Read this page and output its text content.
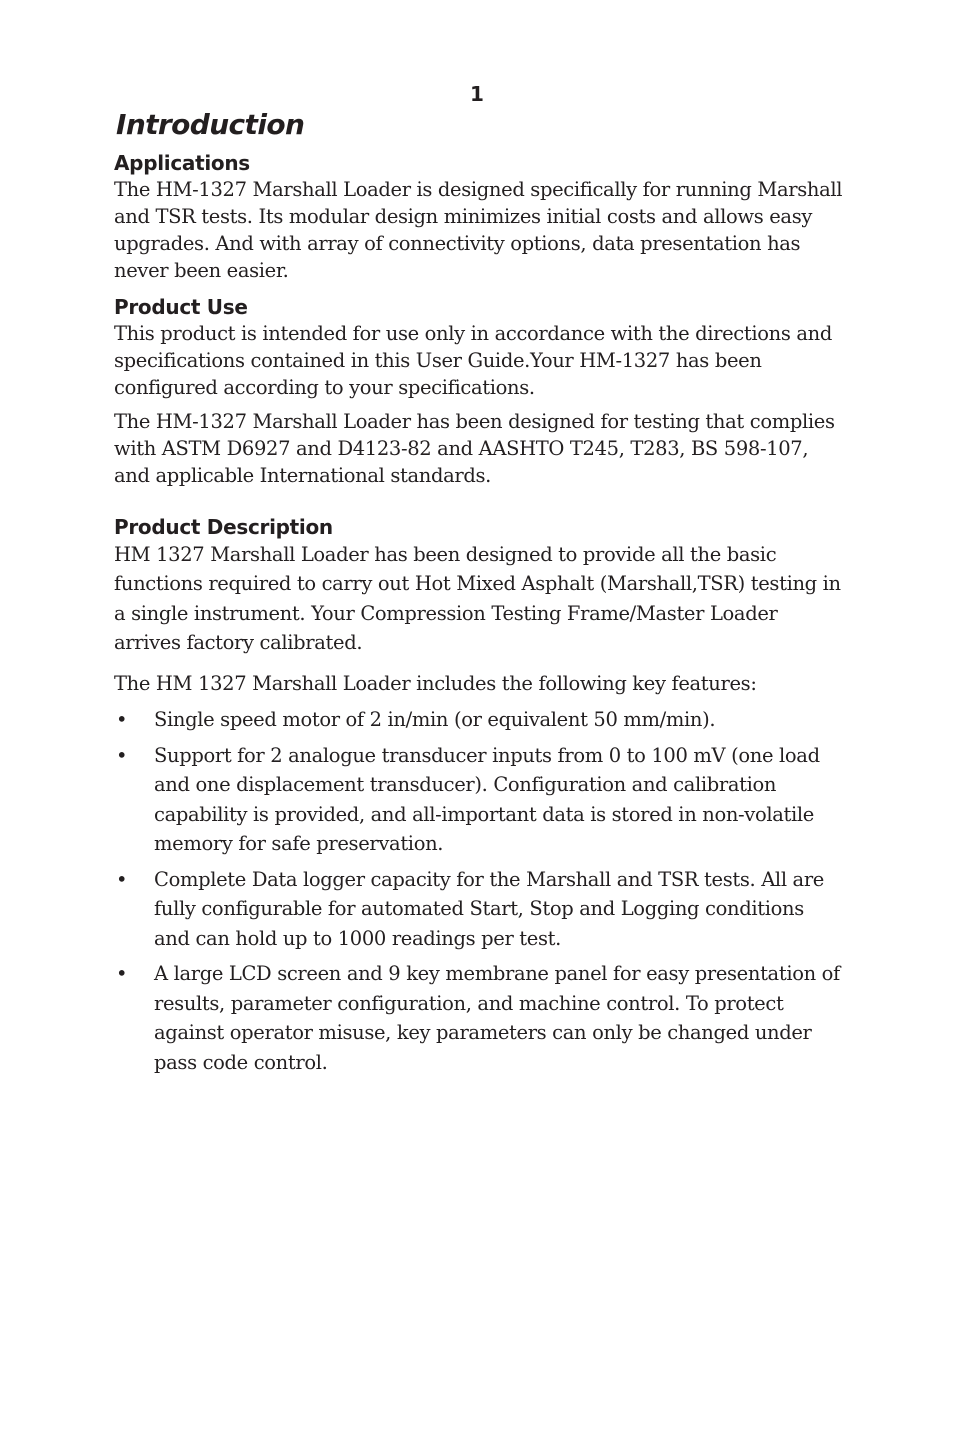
1
Introduction
Applications

The HM-1327 Marshall Loader is designed specifically for running Marshall and TSR tests. Its modular design minimizes initial costs and allows easy upgrades. And with array of connectivity options, data presentation has never been easier.

Product Use

This product is intended for use only in accordance with the directions and specifications contained in this User Guide.Your HM-1327 has been configured according to your specifications.

The HM-1327 Marshall Loader has been designed for testing that complies with ASTM D6927 and D4123-82 and AASHTO T245, T283, BS 598-107, and applicable International standards.

Product Description

HM 1327 Marshall Loader has been designed to provide all the basic functions required to carry out Hot Mixed Asphalt (Marshall,TSR) testing in a single instrument. Your Compression Testing Frame/Master Loader arrives factory calibrated.

The HM 1327 Marshall Loader includes the following key features:

• Single speed motor of 2 in/min (or equivalent 50 mm/min).
• Support for 2 analogue transducer inputs from 0 to 100 mV (one load and one displacement transducer). Configuration and calibration capability is provided, and all-important data is stored in non-volatile memory for safe preservation.
• Complete Data logger capacity for the Marshall and TSR tests. All are fully configurable for automated Start, Stop and Logging conditions and can hold up to 1000 readings per test.
• A large LCD screen and 9 key membrane panel for easy presentation of results, parameter configuration, and machine control. To protect against operator misuse, key parameters can only be changed under pass code control.
